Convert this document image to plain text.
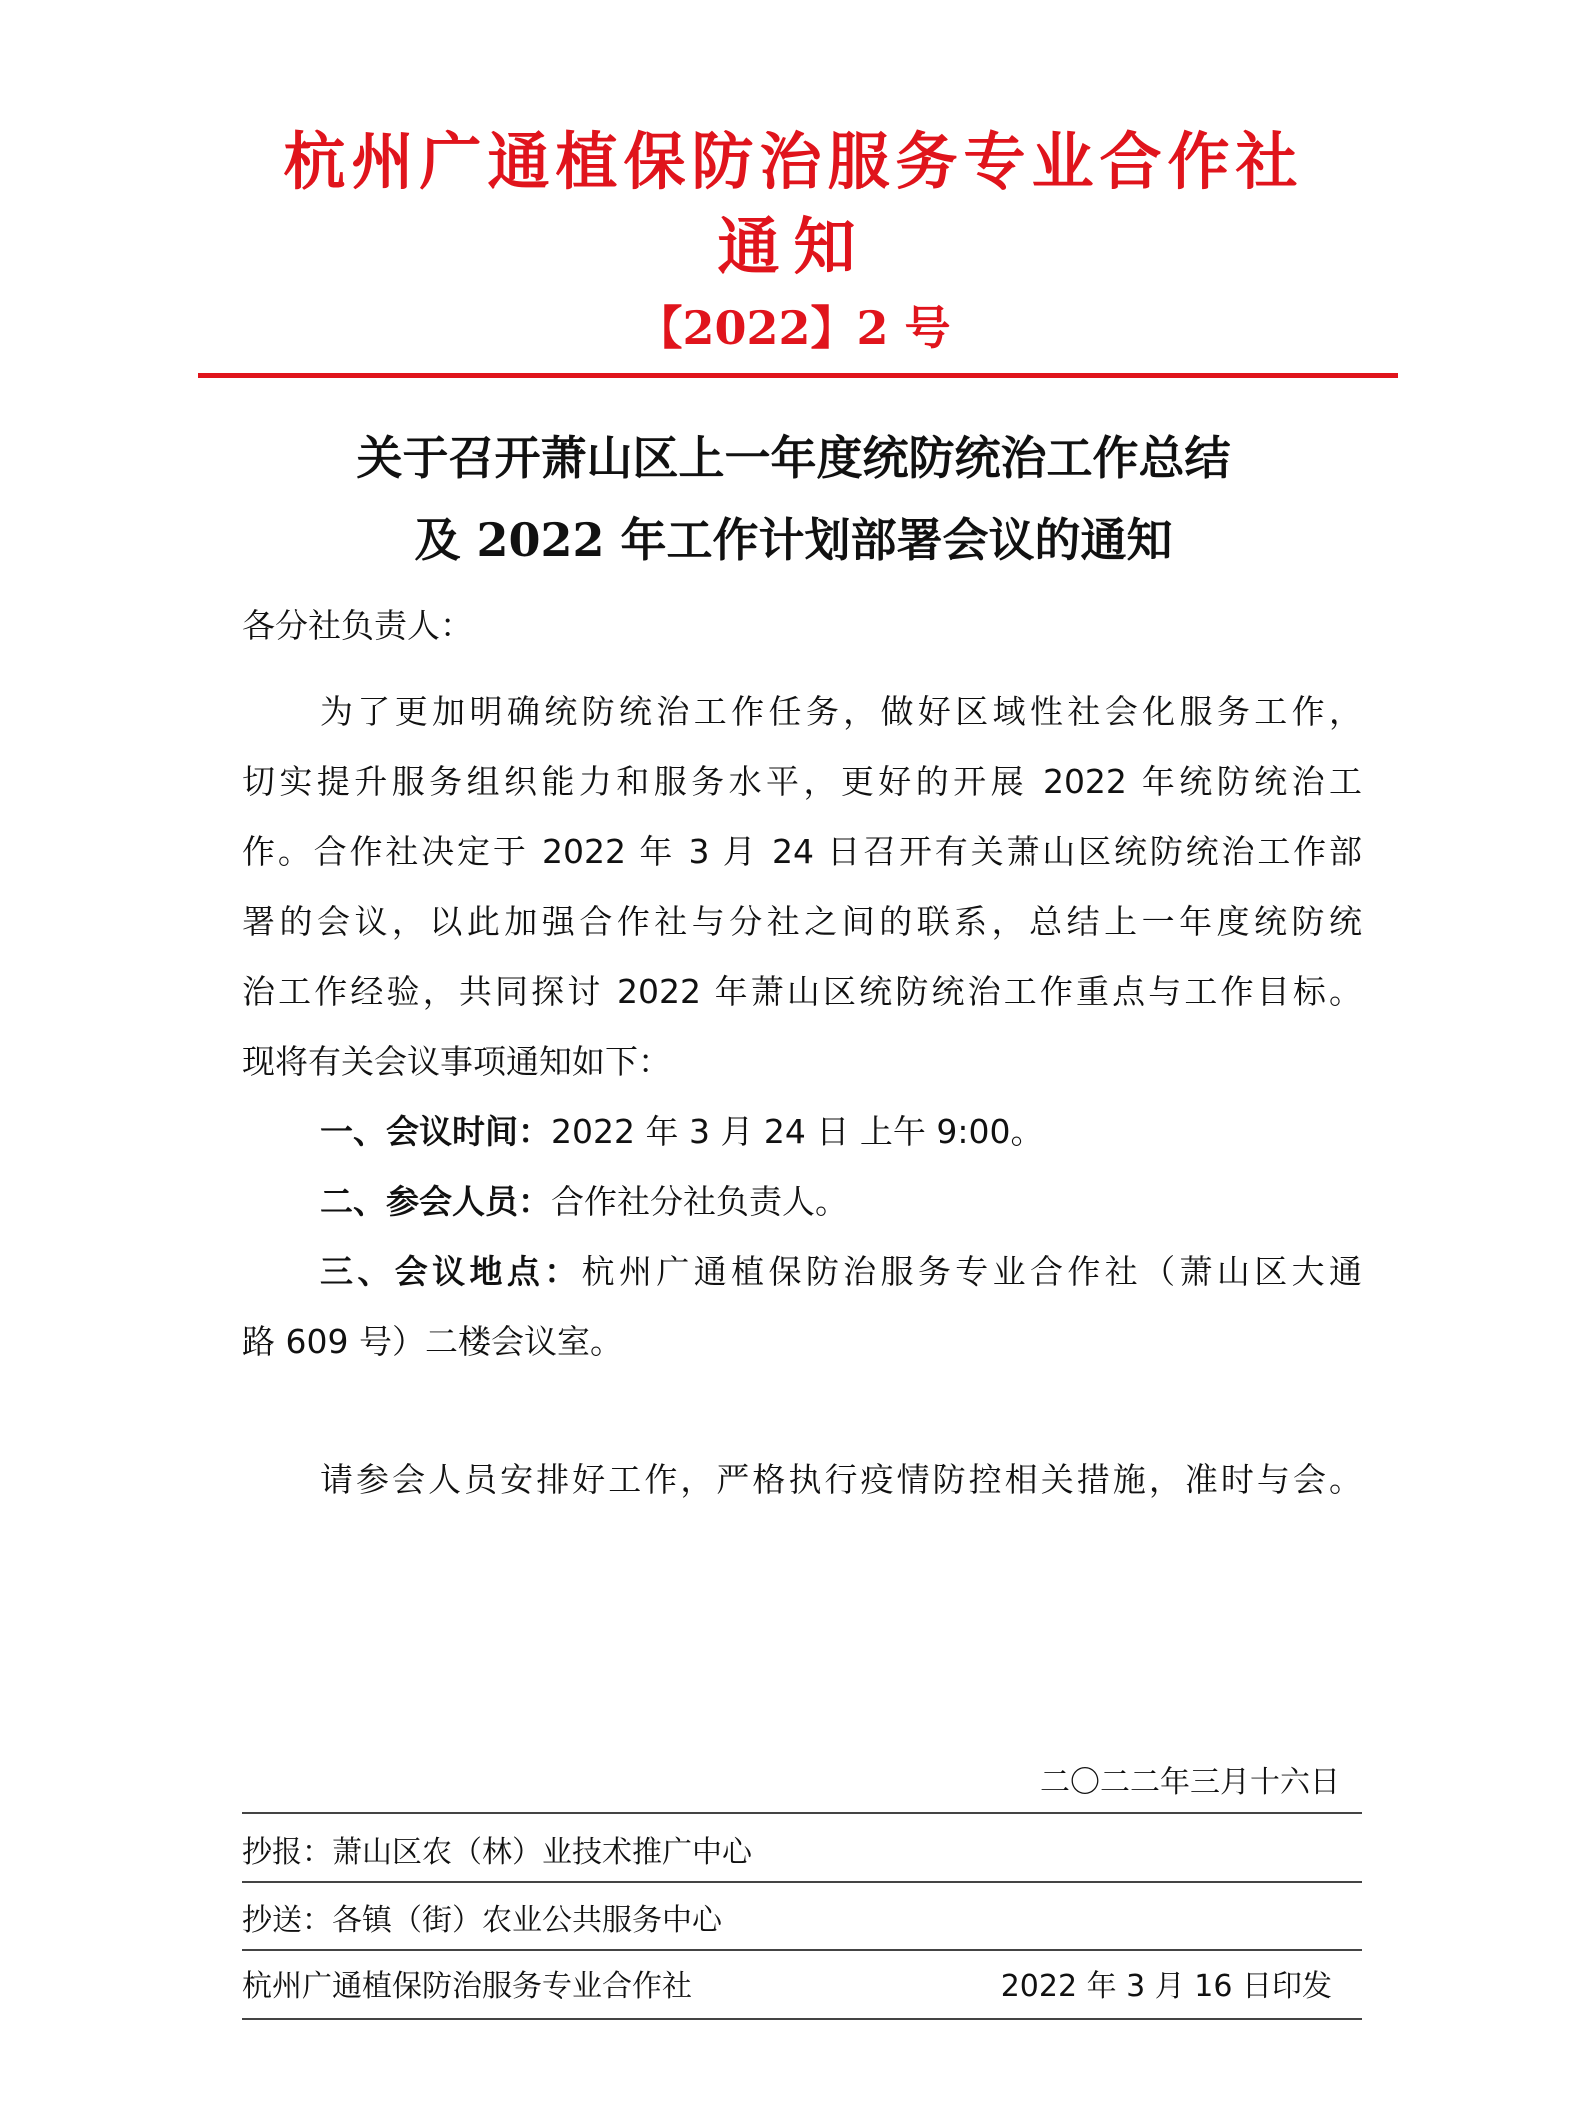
杭州广通植保防治服务专业合作社
通知
【2022】2 号
关于召开萧山区上一年度统防统治工作总结
及 2022 年工作计划部署会议的通知
各分社负责人：
为了更加明确统防统治工作任务，做好区域性社会化服务工作，
切实提升服务组织能力和服务水平，更好的开展 2022 年统防统治工
作。合作社决定于 2022 年 3 月 24 日召开有关萧山区统防统治工作部
署的会议，以此加强合作社与分社之间的联系，总结上一年度统防统
治工作经验，共同探讨 2022 年萧山区统防统治工作重点与工作目标。
现将有关会议事项通知如下：
一、会议时间：2022 年 3 月 24 日 上午 9:00。
二、参会人员：合作社分社负责人。
三、会议地点：杭州广通植保防治服务专业合作社（萧山区大通
路 609 号）二楼会议室。
请参会人员安排好工作，严格执行疫情防控相关措施，准时与会。
二〇二二年三月十六日
抄报：萧山区农（林）业技术推广中心
抄送：各镇（街）农业公共服务中心
杭州广通植保防治服务专业合作社	2022 年 3 月 16 日印发
